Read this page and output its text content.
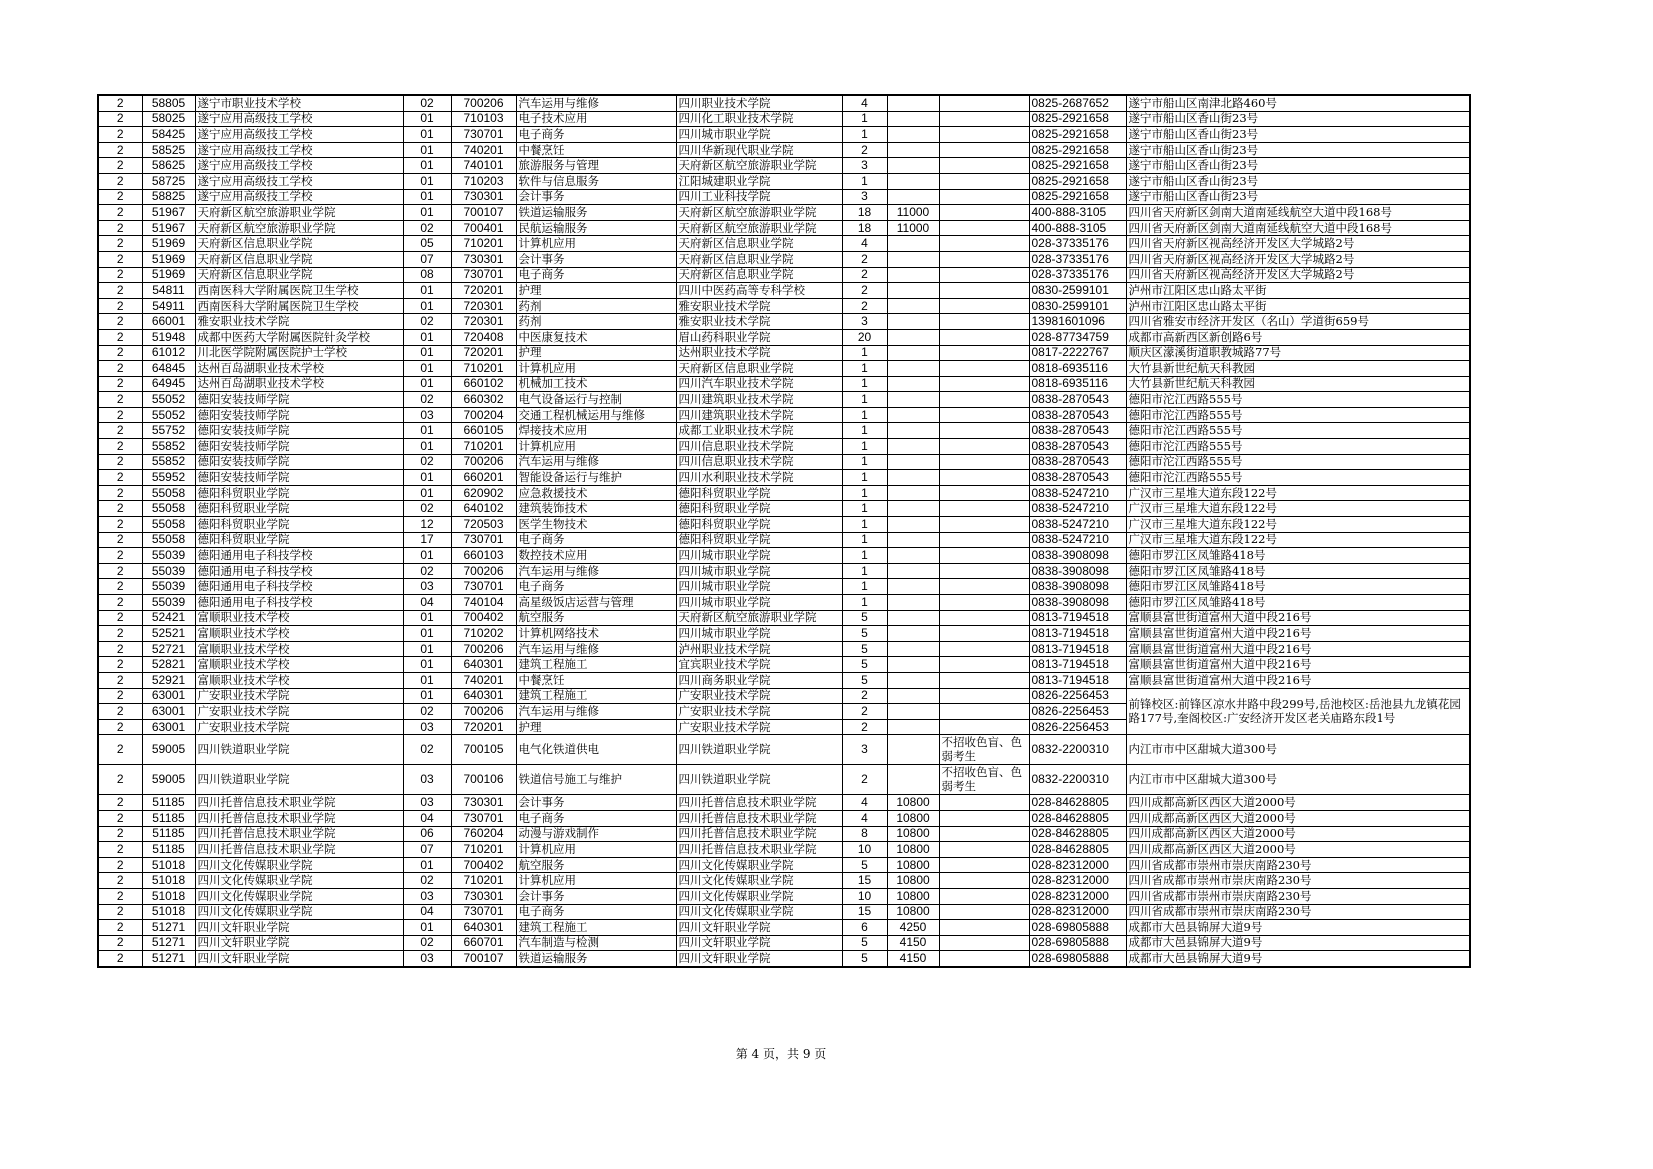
2	58805	遂宁市职业技术学校	02	700206	汽车运用与维修	四川职业技术学院	4			0825-2687652	遂宁市船山区南津北路460号
2	58025	遂宁应用高级技工学校	01	710103	电子技术应用	四川化工职业技术学院	1			0825-2921658	遂宁市船山区香山街23号
2	58425	遂宁应用高级技工学校	01	730701	电子商务	四川城市职业学院	1			0825-2921658	遂宁市船山区香山街23号
2	58525	遂宁应用高级技工学校	01	740201	中餐烹饪	四川华新现代职业学院	2			0825-2921658	遂宁市船山区香山街23号
2	58625	遂宁应用高级技工学校	01	740101	旅游服务与管理	天府新区航空旅游职业学院	3			0825-2921658	遂宁市船山区香山街23号
2	58725	遂宁应用高级技工学校	01	710203	软件与信息服务	江阳城建职业学院	1			0825-2921658	遂宁市船山区香山街23号
2	58825	遂宁应用高级技工学校	01	730301	会计事务	四川工业科技学院	3			0825-2921658	遂宁市船山区香山街23号
2	51967	天府新区航空旅游职业学院	01	700107	铁道运输服务	天府新区航空旅游职业学院	18	11000		400-888-3105	四川省天府新区剑南大道南延线航空大道中段168号
2	51967	天府新区航空旅游职业学院	02	700401	民航运输服务	天府新区航空旅游职业学院	18	11000		400-888-3105	四川省天府新区剑南大道南延线航空大道中段168号
2	51969	天府新区信息职业学院	05	710201	计算机应用	天府新区信息职业学院	4			028-37335176	四川省天府新区视高经济开发区大学城路2号
2	51969	天府新区信息职业学院	07	730301	会计事务	天府新区信息职业学院	2			028-37335176	四川省天府新区视高经济开发区大学城路2号
2	51969	天府新区信息职业学院	08	730701	电子商务	天府新区信息职业学院	2			028-37335176	四川省天府新区视高经济开发区大学城路2号
2	54811	西南医科大学附属医院卫生学校	01	720201	护理	四川中医药高等专科学校	2			0830-2599101	泸州市江阳区忠山路太平街
2	54911	西南医科大学附属医院卫生学校	01	720301	药剂	雅安职业技术学院	2			0830-2599101	泸州市江阳区忠山路太平街
2	66001	雅安职业技术学院	02	720301	药剂	雅安职业技术学院	3			13981601096	四川省雅安市经济开发区（名山）学道街659号
2	51948	成都中医药大学附属医院针灸学校	01	720408	中医康复技术	眉山药科职业学院	20			028-87734759	成都市高新西区新创路6号
2	61012	川北医学院附属医院护士学校	01	720201	护理	达州职业技术学院	1			0817-2222767	顺庆区濛溪街道职教城路77号
2	64845	达州百岛湖职业技术学校	01	710201	计算机应用	天府新区信息职业学院	1			0818-6935116	大竹县新世纪航天科教园
2	64945	达州百岛湖职业技术学校	01	660102	机械加工技术	四川汽车职业技术学院	1			0818-6935116	大竹县新世纪航天科教园
2	55052	德阳安装技师学院	02	660302	电气设备运行与控制	四川建筑职业技术学院	1			0838-2870543	德阳市沱江西路555号
2	55052	德阳安装技师学院	03	700204	交通工程机械运用与维修	四川建筑职业技术学院	1			0838-2870543	德阳市沱江西路555号
2	55752	德阳安装技师学院	01	660105	焊接技术应用	成都工业职业技术学院	1			0838-2870543	德阳市沱江西路555号
2	55852	德阳安装技师学院	01	710201	计算机应用	四川信息职业技术学院	1			0838-2870543	德阳市沱江西路555号
2	55852	德阳安装技师学院	02	700206	汽车运用与维修	四川信息职业技术学院	1			0838-2870543	德阳市沱江西路555号
2	55952	德阳安装技师学院	01	660201	智能设备运行与维护	四川水利职业技术学院	1			0838-2870543	德阳市沱江西路555号
2	55058	德阳科贸职业学院	01	620902	应急救援技术	德阳科贸职业学院	1			0838-5247210	广汉市三星堆大道东段122号
2	55058	德阳科贸职业学院	02	640102	建筑装饰技术	德阳科贸职业学院	1			0838-5247210	广汉市三星堆大道东段122号
2	55058	德阳科贸职业学院	12	720503	医学生物技术	德阳科贸职业学院	1			0838-5247210	广汉市三星堆大道东段122号
2	55058	德阳科贸职业学院	17	730701	电子商务	德阳科贸职业学院	1			0838-5247210	广汉市三星堆大道东段122号
2	55039	德阳通用电子科技学校	01	660103	数控技术应用	四川城市职业学院	1			0838-3908098	德阳市罗江区凤雏路418号
2	55039	德阳通用电子科技学校	02	700206	汽车运用与维修	四川城市职业学院	1			0838-3908098	德阳市罗江区凤雏路418号
2	55039	德阳通用电子科技学校	03	730701	电子商务	四川城市职业学院	1			0838-3908098	德阳市罗江区凤雏路418号
2	55039	德阳通用电子科技学校	04	740104	高星级饭店运营与管理	四川城市职业学院	1			0838-3908098	德阳市罗江区凤雏路418号
2	52421	富顺职业技术学校	01	700402	航空服务	天府新区航空旅游职业学院	5			0813-7194518	富顺县富世街道富州大道中段216号
2	52521	富顺职业技术学校	01	710202	计算机网络技术	四川城市职业学院	5			0813-7194518	富顺县富世街道富州大道中段216号
2	52721	富顺职业技术学校	01	700206	汽车运用与维修	泸州职业技术学院	5			0813-7194518	富顺县富世街道富州大道中段216号
2	52821	富顺职业技术学校	01	640301	建筑工程施工	宜宾职业技术学院	5			0813-7194518	富顺县富世街道富州大道中段216号
2	52921	富顺职业技术学校	01	740201	中餐烹饪	四川商务职业学院	5			0813-7194518	富顺县富世街道富州大道中段216号
2	63001	广安职业技术学院	01	640301	建筑工程施工	广安职业技术学院	2			0826-2256453	前锋校区:前锋区凉水井路中段299号,岳池校区:岳池县九龙镇花园路177号,奎阁校区:广安经济开发区老关庙路东段1号
2	63001	广安职业技术学院	02	700206	汽车运用与维修	广安职业技术学院	2			0826-2256453	
2	63001	广安职业技术学院	03	720201	护理	广安职业技术学院	2			0826-2256453	
2	59005	四川铁道职业学院	02	700105	电气化铁道供电	四川铁道职业学院	3		不招收色盲、色弱考生	0832-2200310	内江市市中区甜城大道300号
2	59005	四川铁道职业学院	03	700106	铁道信号施工与维护	四川铁道职业学院	2		不招收色盲、色弱考生	0832-2200310	内江市市中区甜城大道300号
2	51185	四川托普信息技术职业学院	03	730301	会计事务	四川托普信息技术职业学院	4	10800		028-84628805	四川成都高新区西区大道2000号
2	51185	四川托普信息技术职业学院	04	730701	电子商务	四川托普信息技术职业学院	4	10800		028-84628805	四川成都高新区西区大道2000号
2	51185	四川托普信息技术职业学院	06	760204	动漫与游戏制作	四川托普信息技术职业学院	8	10800		028-84628805	四川成都高新区西区大道2000号
2	51185	四川托普信息技术职业学院	07	710201	计算机应用	四川托普信息技术职业学院	10	10800		028-84628805	四川成都高新区西区大道2000号
2	51018	四川文化传媒职业学院	01	700402	航空服务	四川文化传媒职业学院	5	10800		028-82312000	四川省成都市崇州市崇庆南路230号
2	51018	四川文化传媒职业学院	02	710201	计算机应用	四川文化传媒职业学院	15	10800		028-82312000	四川省成都市崇州市崇庆南路230号
2	51018	四川文化传媒职业学院	03	730301	会计事务	四川文化传媒职业学院	10	10800		028-82312000	四川省成都市崇州市崇庆南路230号
2	51018	四川文化传媒职业学院	04	730701	电子商务	四川文化传媒职业学院	15	10800		028-82312000	四川省成都市崇州市崇庆南路230号
2	51271	四川文轩职业学院	01	640301	建筑工程施工	四川文轩职业学院	6	4250		028-69805888	成都市大邑县锦屏大道9号
2	51271	四川文轩职业学院	02	660701	汽车制造与检测	四川文轩职业学院	5	4150		028-69805888	成都市大邑县锦屏大道9号
2	51271	四川文轩职业学院	03	700107	铁道运输服务	四川文轩职业学院	5	4150		028-69805888	成都市大邑县锦屏大道9号
第 4 页，共 9 页
